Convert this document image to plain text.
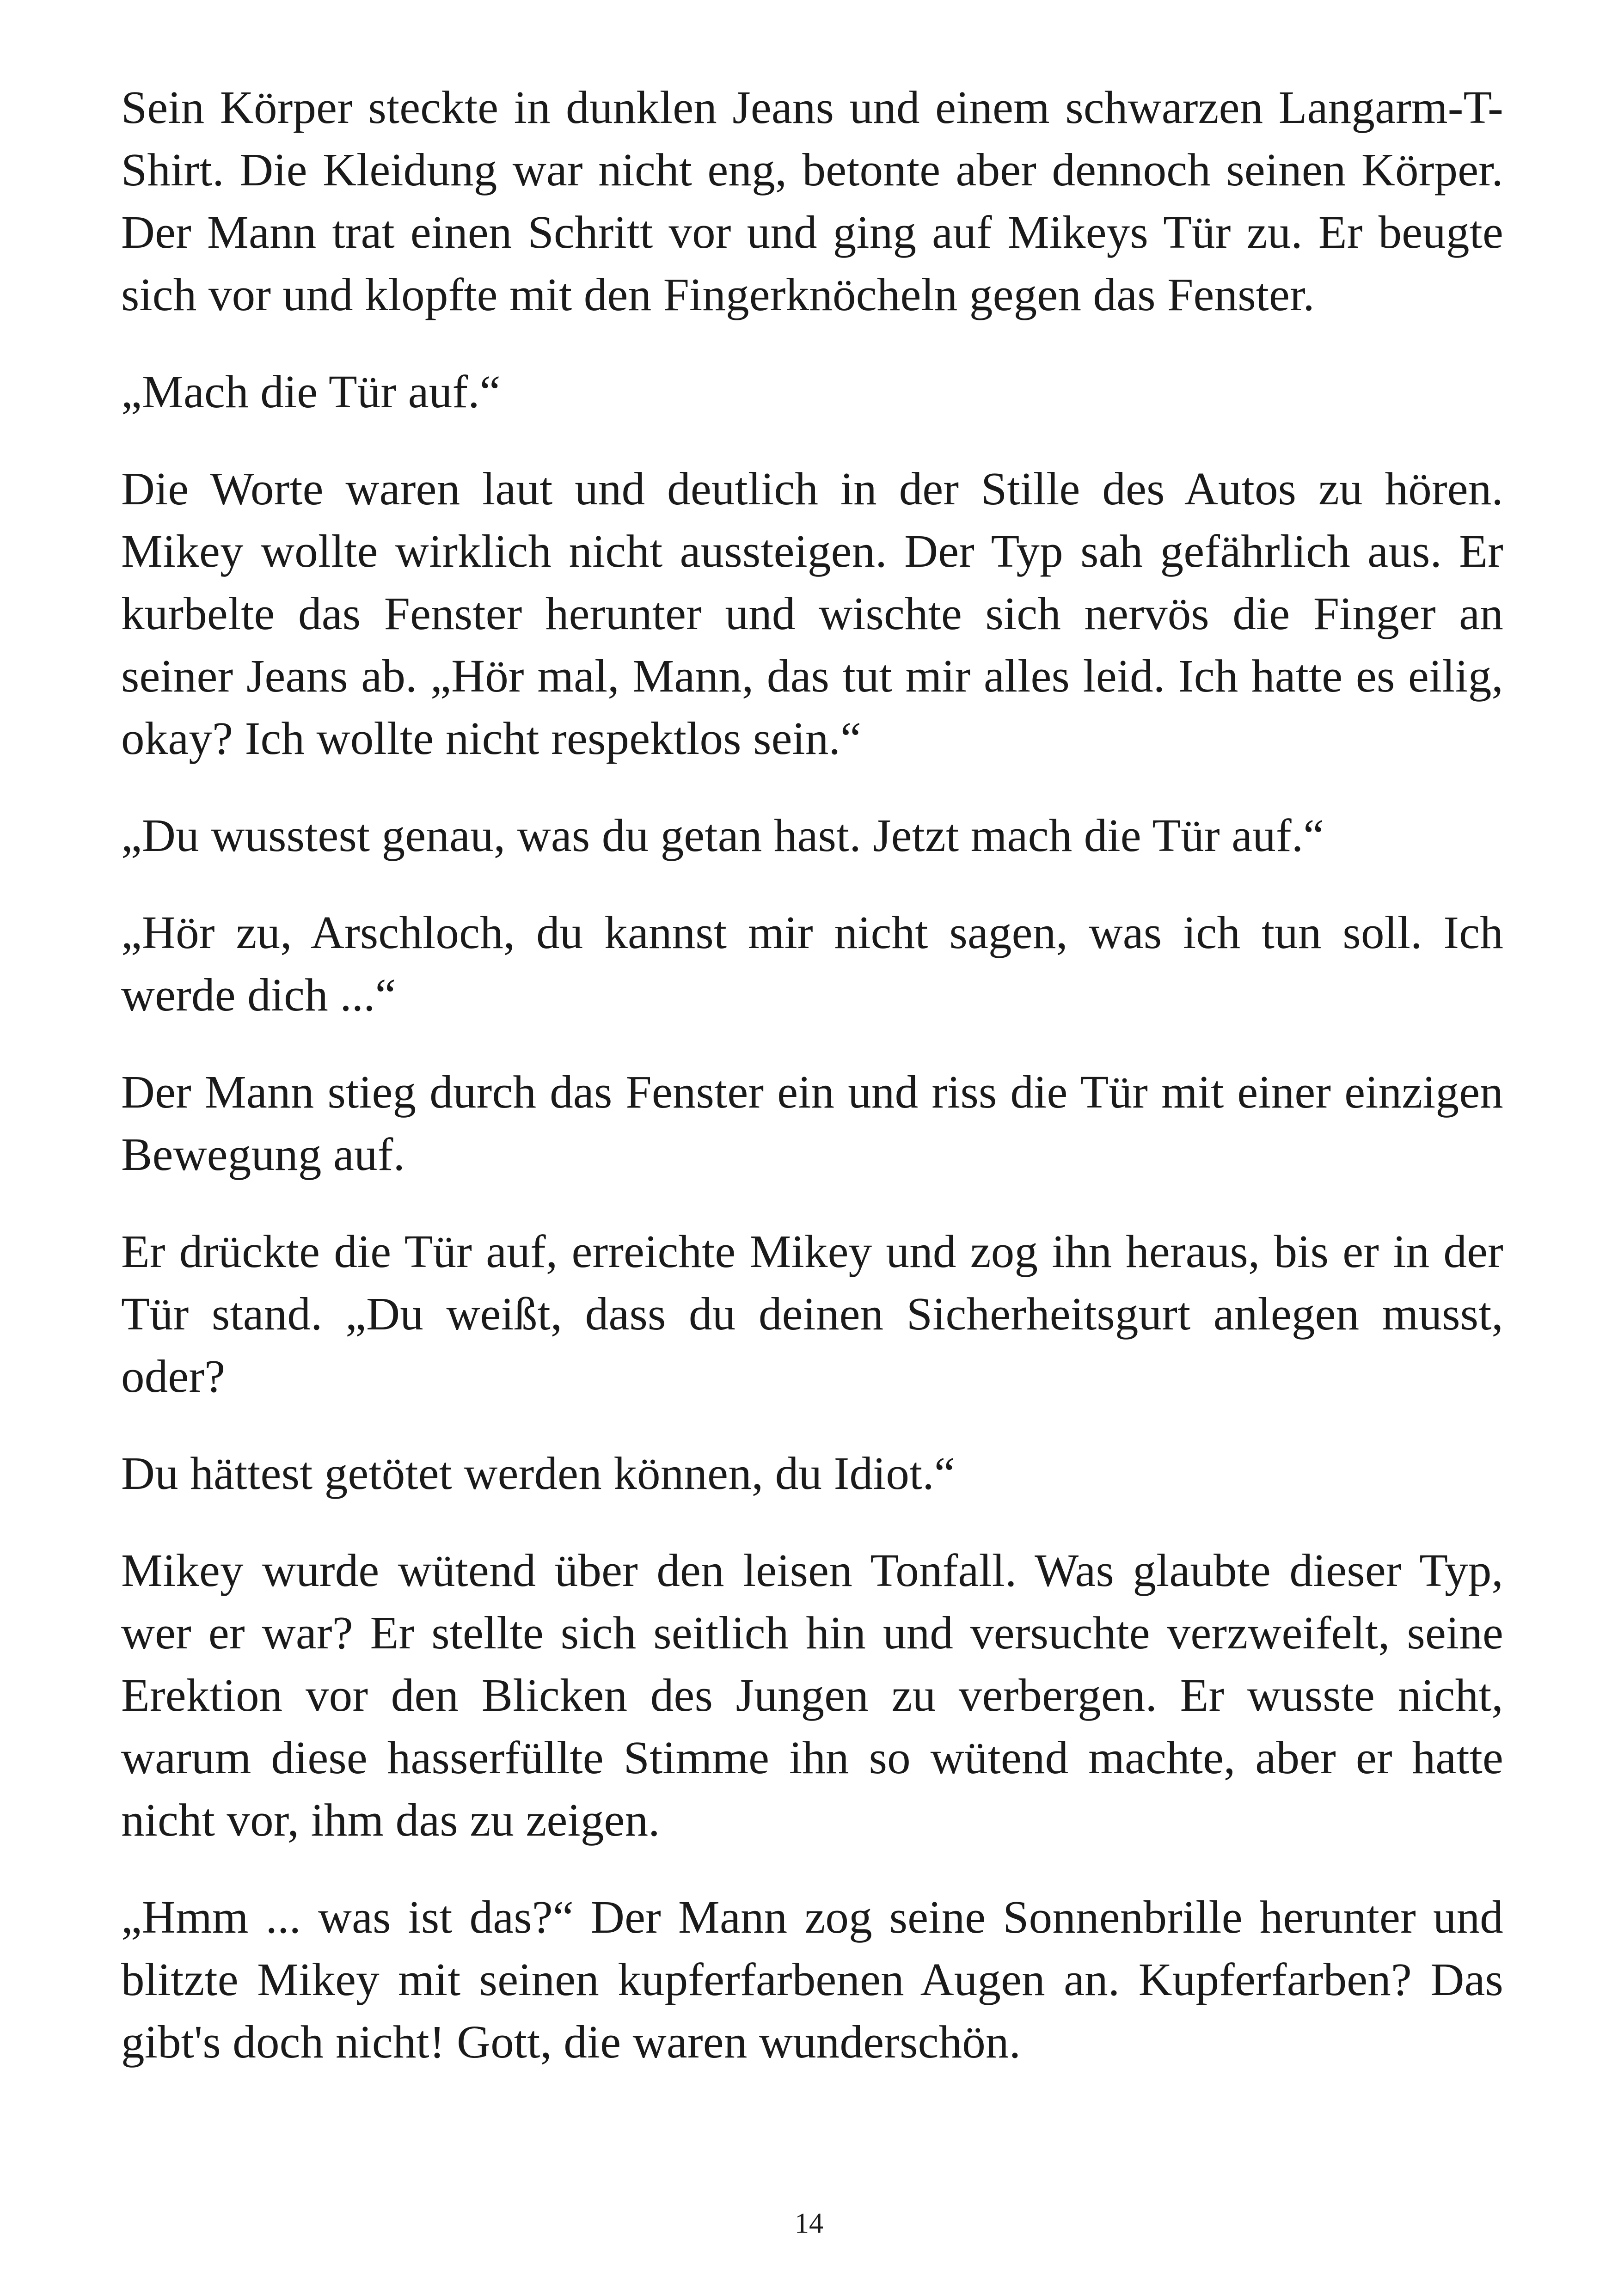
Sein Körper steckte in dunklen Jeans und einem schwarzen Langarm-T-Shirt. Die Kleidung war nicht eng, betonte aber dennoch seinen Körper. Der Mann trat einen Schritt vor und ging auf Mikeys Tür zu. Er beugte sich vor und klopfte mit den Fingerknöcheln gegen das Fenster.

„Mach die Tür auf.“

Die Worte waren laut und deutlich in der Stille des Autos zu hören. Mikey wollte wirklich nicht aussteigen. Der Typ sah gefährlich aus. Er kurbelte das Fenster herunter und wischte sich nervös die Finger an seiner Jeans ab. „Hör mal, Mann, das tut mir alles leid. Ich hatte es eilig, okay? Ich wollte nicht respektlos sein.“

„Du wusstest genau, was du getan hast. Jetzt mach die Tür auf.“

„Hör zu, Arschloch, du kannst mir nicht sagen, was ich tun soll. Ich werde dich ...“

Der Mann stieg durch das Fenster ein und riss die Tür mit einer einzigen Bewegung auf.

Er drückte die Tür auf, erreichte Mikey und zog ihn heraus, bis er in der Tür stand. „Du weißt, dass du deinen Sicherheitsgurt anlegen musst, oder?

Du hättest getötet werden können, du Idiot.“

Mikey wurde wütend über den leisen Tonfall. Was glaubte dieser Typ, wer er war? Er stellte sich seitlich hin und versuchte verzweifelt, seine Erektion vor den Blicken des Jungen zu verbergen. Er wusste nicht, warum diese hasserfüllte Stimme ihn so wütend machte, aber er hatte nicht vor, ihm das zu zeigen.

„Hmm ... was ist das?“ Der Mann zog seine Sonnenbrille herunter und blitzte Mikey mit seinen kupferfarbenen Augen an. Kupferfarben? Das gibt's doch nicht! Gott, die waren wunderschön.

14
